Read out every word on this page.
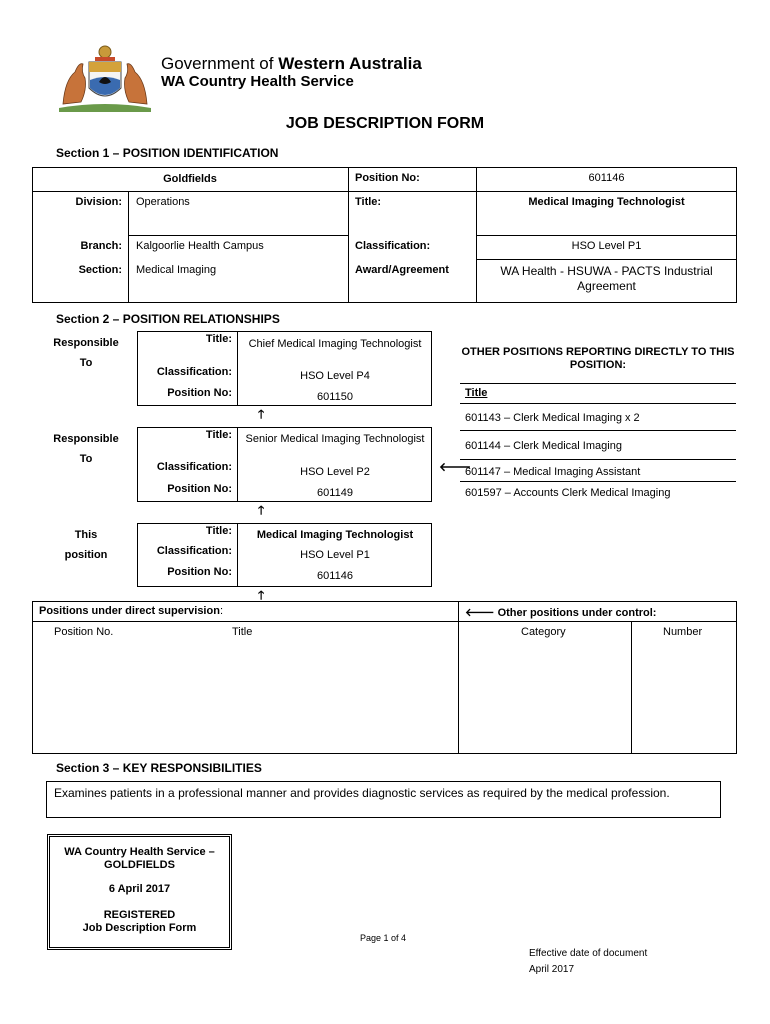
Government of Western Australia
WA Country Health Service
JOB DESCRIPTION FORM
Section 1 – POSITION IDENTIFICATION
Goldfields	Position No:	601146
Division: Operations	Title:	Medical Imaging Technologist
Branch: Kalgoorlie Health Campus	Classification:	HSO Level P1
Section: Medical Imaging	Award/Agreement	WA Health - HSUWA - PACTS Industrial Agreement
Section 2 – POSITION RELATIONSHIPS
Responsible
To
Title:	Chief Medical Imaging Technologist
Classification:	HSO Level P4
Position No:	601150
🡑
Responsible
To
Title:	Senior Medical Imaging Technologist
Classification:	HSO Level P2
Position No:	601149
🡐
🡑
This
position
Title:	Medical Imaging Technologist
Classification:	HSO Level P1
Position No:	601146
🡑
OTHER POSITIONS REPORTING DIRECTLY TO THIS POSITION:
Title
601143 – Clerk Medical Imaging x 2
601144 – Clerk Medical Imaging
601147 – Medical Imaging Assistant
601597 – Accounts Clerk Medical Imaging
Positions under direct supervision:
Position No.	Title
🡐 Other positions under control:
Category	Number
Section 3 – KEY RESPONSIBILITIES
Examines patients in a professional manner and provides diagnostic services as required by the medical profession.
WA Country Health Service –
GOLDFIELDS
6 April 2017
REGISTERED
Job Description Form
Page 1 of 4
Effective date of document
April 2017
